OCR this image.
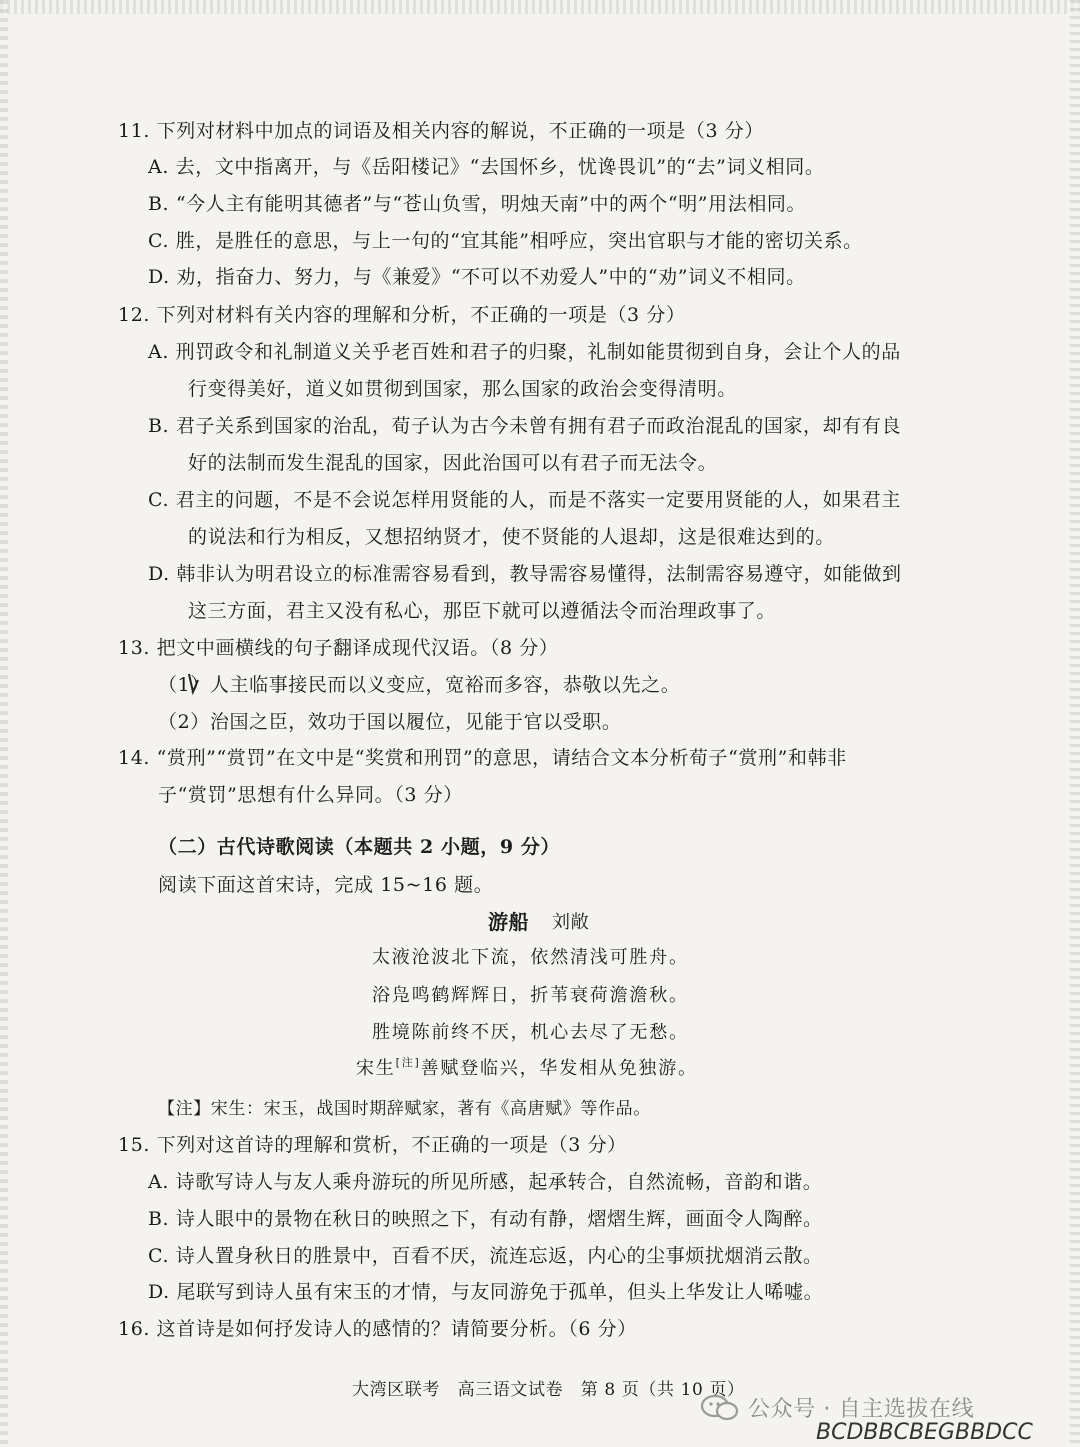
11. 下列对材料中加点的词语及相关内容的解说，不正确的一项是（3 分）
A. 去，文中指离开，与《岳阳楼记》“去国怀乡，忧谗畏讥”的“去”词义相同。
B. “今人主有能明其德者”与“苍山负雪，明烛天南”中的两个“明”用法相同。
C. 胜，是胜任的意思，与上一句的“宜其能”相呼应，突出官职与才能的密切关系。
D. 劝，指奋力、努力，与《兼爱》“不可以不劝爱人”中的“劝”词义不相同。
12. 下列对材料有关内容的理解和分析，不正确的一项是（3 分）
A. 刑罚政令和礼制道义关乎老百姓和君子的归聚，礼制如能贯彻到自身，会让个人的品
行变得美好，道义如贯彻到国家，那么国家的政治会变得清明。
B. 君子关系到国家的治乱，荀子认为古今未曾有拥有君子而政治混乱的国家，却有有良
好的法制而发生混乱的国家，因此治国可以有君子而无法令。
C. 君主的问题，不是不会说怎样用贤能的人，而是不落实一定要用贤能的人，如果君主
的说法和行为相反，又想招纳贤才，使不贤能的人退却，这是很难达到的。
D. 韩非认为明君设立的标准需容易看到，教导需容易懂得，法制需容易遵守，如能做到
这三方面，君主又没有私心，那臣下就可以遵循法令而治理政事了。
13. 把文中画横线的句子翻译成现代汉语。（8 分）
（1）人主临事接民而以义变应，宽裕而多容，恭敬以先之。
（2）治国之臣，效功于国以履位，见能于官以受职。
14. “赏刑”“赏罚”在文中是“奖赏和刑罚”的意思，请结合文本分析荀子“赏刑”和韩非
子“赏罚”思想有什么异同。（3 分）
（二）古代诗歌阅读（本题共 2 小题，9 分）
阅读下面这首宋诗，完成 15~16 题。
游船 刘敞
太液沧波北下流，依然清浅可胜舟。
浴凫鸣鹤辉辉日，折苇衰荷澹澹秋。
胜境陈前终不厌，机心去尽了无愁。
宋生[注]善赋登临兴，华发相从免独游。
【注】宋生：宋玉，战国时期辞赋家，著有《高唐赋》等作品。
15. 下列对这首诗的理解和赏析，不正确的一项是（3 分）
A. 诗歌写诗人与友人乘舟游玩的所见所感，起承转合，自然流畅，音韵和谐。
B. 诗人眼中的景物在秋日的映照之下，有动有静，熠熠生辉，画面令人陶醉。
C. 诗人置身秋日的胜景中，百看不厌，流连忘返，内心的尘事烦扰烟消云散。
D. 尾联写到诗人虽有宋玉的才情，与友同游免于孤单，但头上华发让人唏嘘。
16. 这首诗是如何抒发诗人的感情的？请简要分析。（6 分）
大湾区联考　高三语文试卷　第 8 页（共 10 页）
公众号 · 自主选拔在线
BCDBBCBEGBBDCC
